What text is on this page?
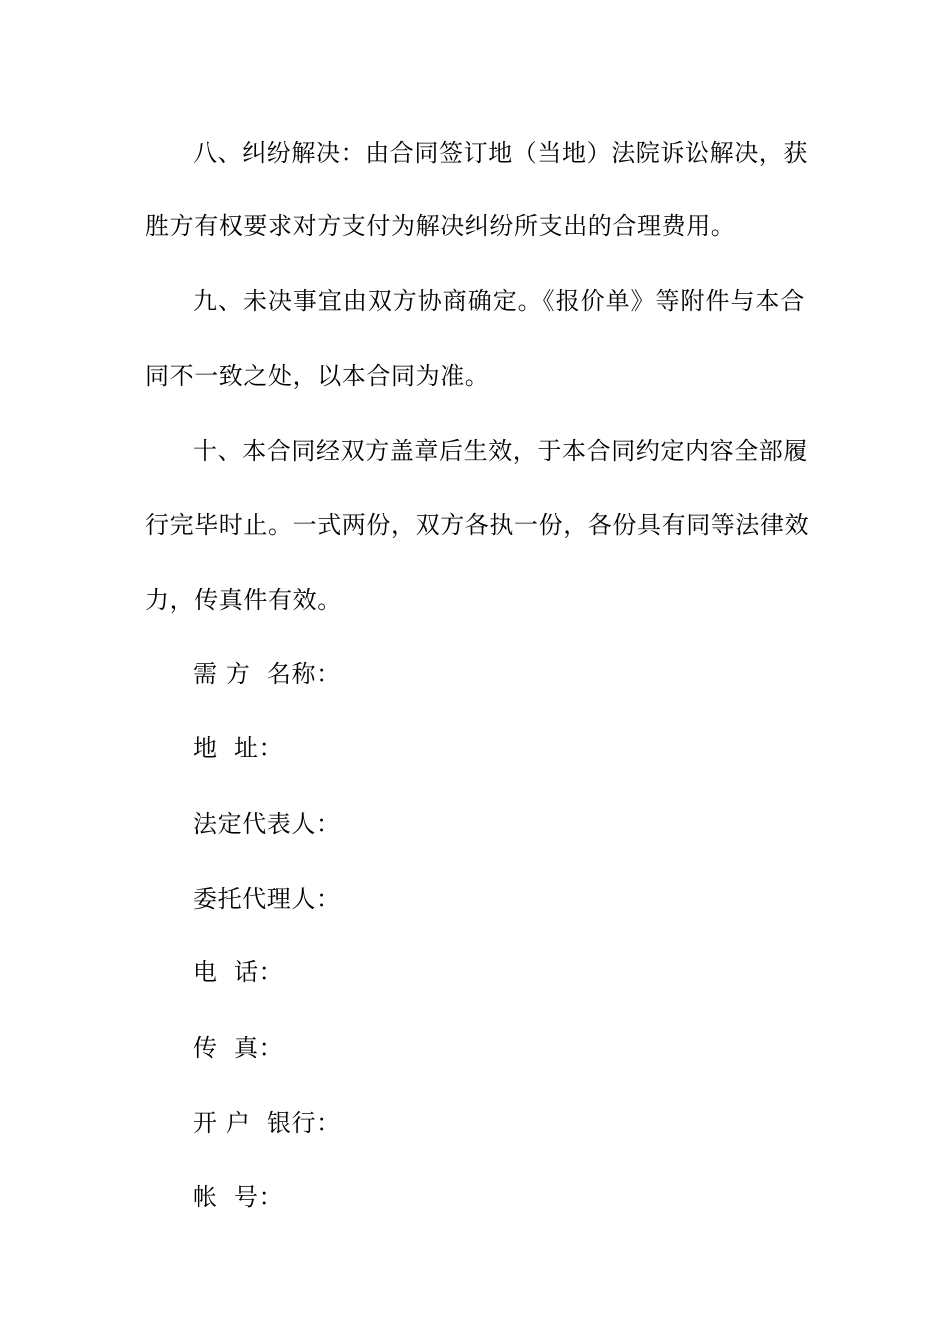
八、纠纷解决：由合同签订地（当地）法院诉讼解决，获
胜方有权要求对方支付为解决纠纷所支出的合理费用。
九、未决事宜由双方协商确定。《报价单》等附件与本合
同不一致之处，以本合同为准。
十、本合同经双方盖章后生效，于本合同约定内容全部履
行完毕时止。一式两份，双方各执一份，各份具有同等法律效
力，传真件有效。
需 方  名称：
地  址：
法定代表人：
委托代理人：
电  话：
传  真：
开 户  银行：
帐  号：
